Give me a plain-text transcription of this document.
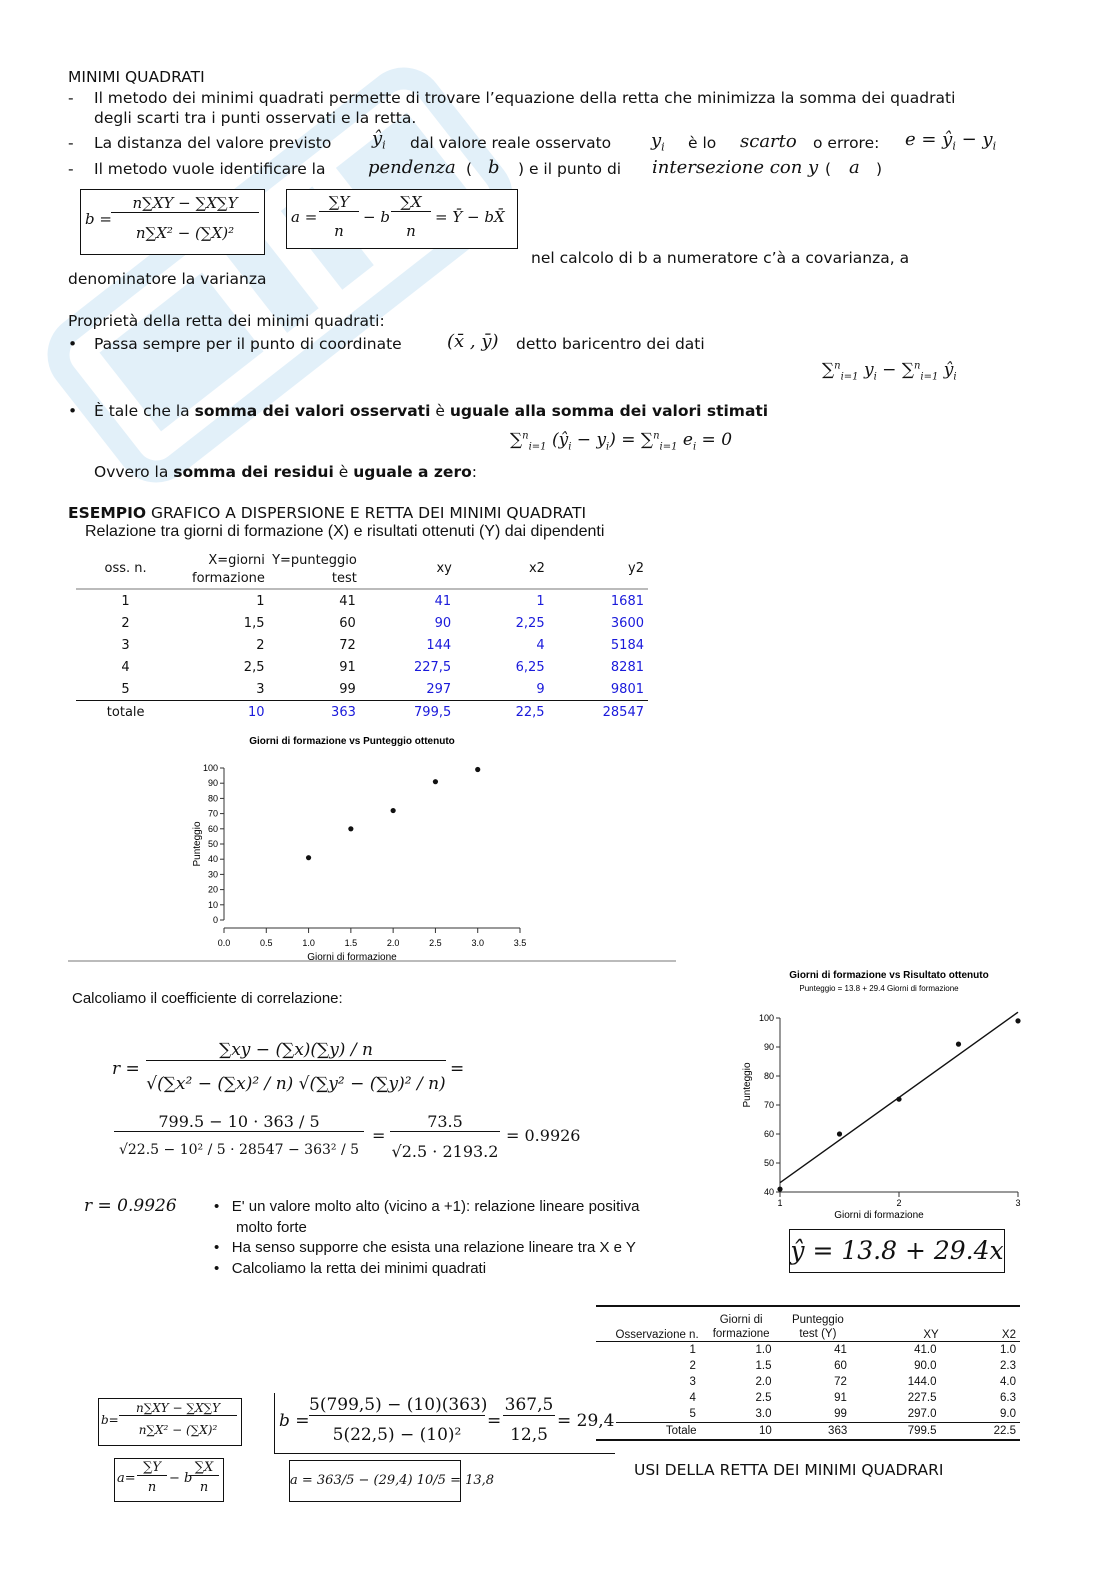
MINIMI QUADRATI
- Il metodo dei minimi quadrati permette di trovare l’equazione della retta che minimizza la somma dei quadrati
degli scarti tra i punti osservati e la retta.
- La distanza del valore previsto $ŷ_i$ dal valore reale osservato $y_i$ è lo scarto o errore: $e = ŷ_i - y_i$
- Il metodo vuole identificare la pendenza ( b ) e il punto di intersezione con y ( a )
b =
n∑XY − ∑X∑Y
n∑X² − (∑X)²
a =
∑Y
n
− b
∑X
n
= Ȳ − bX̄
nel calcolo di b a numeratore c’à a covarianza, a
denominatore la varianza
Proprietà della retta dei minimi quadrati:
• Passa sempre per il punto di coordinate	(x̄ , ȳ) detto baricentro dei dati
∑$^n_{i=1}$ $y_i - \sum^n_{i=1}$ $ŷ_i$
• È tale che la somma dei valori osservati è uguale alla somma dei valori stimati
∑$^n_{i=1}$ $(ŷ_i - y_i) = \sum^n_{i=1}$ $e_i = 0$
Ovvero la somma dei residui è uguale a zero:
ESEMPIO GRAFICO A DISPERSIONE E RETTA DEI MINIMI QUADRATI
Relazione tra giorni di formazione (X) e risultati ottenuti (Y) dai dipendenti
oss. n.	X=giorni formazione	Y=punteggio test	xy	x2	y2
1	1	41	41	1	1681
2	1,5	60	90	2,25	3600
3	2	72	144	4	5184
4	2,5	91	227,5	6,25	8281
5	3	99	297	9	9801
totale	10	363	799,5	22,5	28547
Giorni di formazione vs Punteggio ottenuto
0
10
20
30
40
50
60
70
80
90
100
0.0	0.5	1.0	1.5	2.0	2.5	3.0	3.5
Giorni di formazione
Punteggio
Calcoliamo il coefficiente di correlazione:
r =
∑xy − (∑x)(∑y) / n
√(∑x² − (∑x)² / n) √(∑y² − (∑y)² / n)
=
799.5 − 10 · 363 / 5
√22.5 − 10² / 5 · 28547 − 363² / 5
=
73.5
√2.5 · 2193.2
= 0.9926
r = 0.9926 •   E' un valore molto alto (vicino a +1): relazione lineare positiva
molto forte
•   Ha senso supporre che esista una relazione lineare tra X e Y
•   Calcoliamo la retta dei minimi quadrati
Giorni di formazione vs Risultato ottenuto
Punteggio = 13.8 + 29.4 Giorni di formazione
40
50
60
70
80
90
100
1	2	3
Giorni di formazione
Punteggio
ŷ = 13.8 + 29.4x
Osservazione n.	Giorni di formazione	Punteggio test (Y)	XY	X2
1	1.0	41	41.0	1.0
2	1.5	60	90.0	2.3
3	2.0	72	144.0	4.0
4	2.5	91	227.5	6.3
5	3.0	99	297.0	9.0
Totale	10	363	799.5	22.5
b=
n∑XY − ∑X∑Y
n∑X² − (∑X)²
a=
∑Y
n
− b
∑X
n
b =
5(799,5) − (10)(363)
5(22,5) − (10)²
=
367,5
12,5
= 29,4
a = 363/5 − (29,4) 10/5 = 13,8
USI DELLA RETTA DEI MINIMI QUADRARI
